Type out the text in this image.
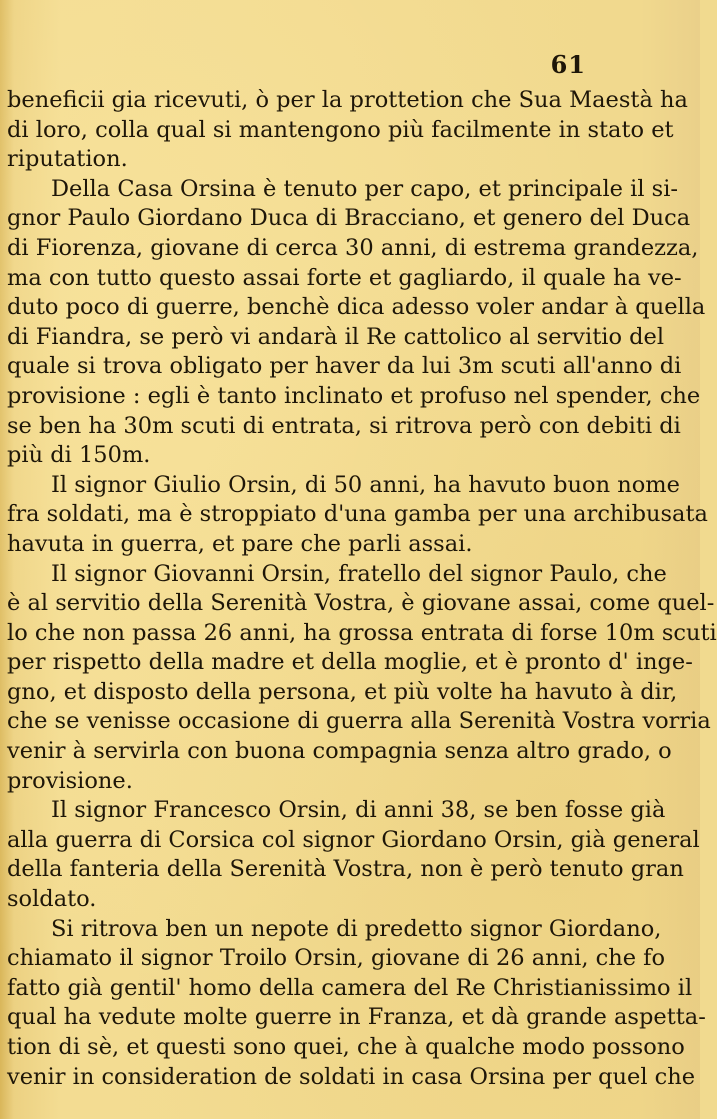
61
beneficii gia ricevuti, ò per la prottetion che Sua Maestà ha
di loro, colla qual si mantengono più facilmente in stato et
riputation.
Della Casa Orsina è tenuto per capo, et principale il si-
gnor Paulo Giordano Duca di Bracciano, et genero del Duca
di Fiorenza, giovane di cerca 30 anni, di estrema grandezza,
ma con tutto questo assai forte et gagliardo, il quale ha ve-
duto poco di guerre, benchè dica adesso voler andar à quella
di Fiandra, se però vi andarà il Re cattolico al servitio del
quale si trova obligato per haver da lui 3m scuti all'anno di
provisione : egli è tanto inclinato et profuso nel spender, che
se ben ha 30m scuti di entrata, si ritrova però con debiti di
più di 150m.
Il signor Giulio Orsin, di 50 anni, ha havuto buon nome
fra soldati, ma è stroppiato d'una gamba per una archibusata
havuta in guerra, et pare che parli assai.
Il signor Giovanni Orsin, fratello del signor Paulo, che
è al servitio della Serenità Vostra, è giovane assai, come quel-
lo che non passa 26 anni, ha grossa entrata di forse 10m scuti
per rispetto della madre et della moglie, et è pronto d' inge-
gno, et disposto della persona, et più volte ha havuto à dir,
che se venisse occasione di guerra alla Serenità Vostra vorria
venir à servirla con buona compagnia senza altro grado, o
provisione.
Il signor Francesco Orsin, di anni 38, se ben fosse già
alla guerra di Corsica col signor Giordano Orsin, già general
della fanteria della Serenità Vostra, non è però tenuto gran
soldato.
Si ritrova ben un nepote di predetto signor Giordano,
chiamato il signor Troilo Orsin, giovane di 26 anni, che fo
fatto già gentil' homo della camera del Re Christianissimo il
qual ha vedute molte guerre in Franza, et dà grande aspetta-
tion di sè, et questi sono quei, che à qualche modo possono
venir in consideration de soldati in casa Orsina per quel che
